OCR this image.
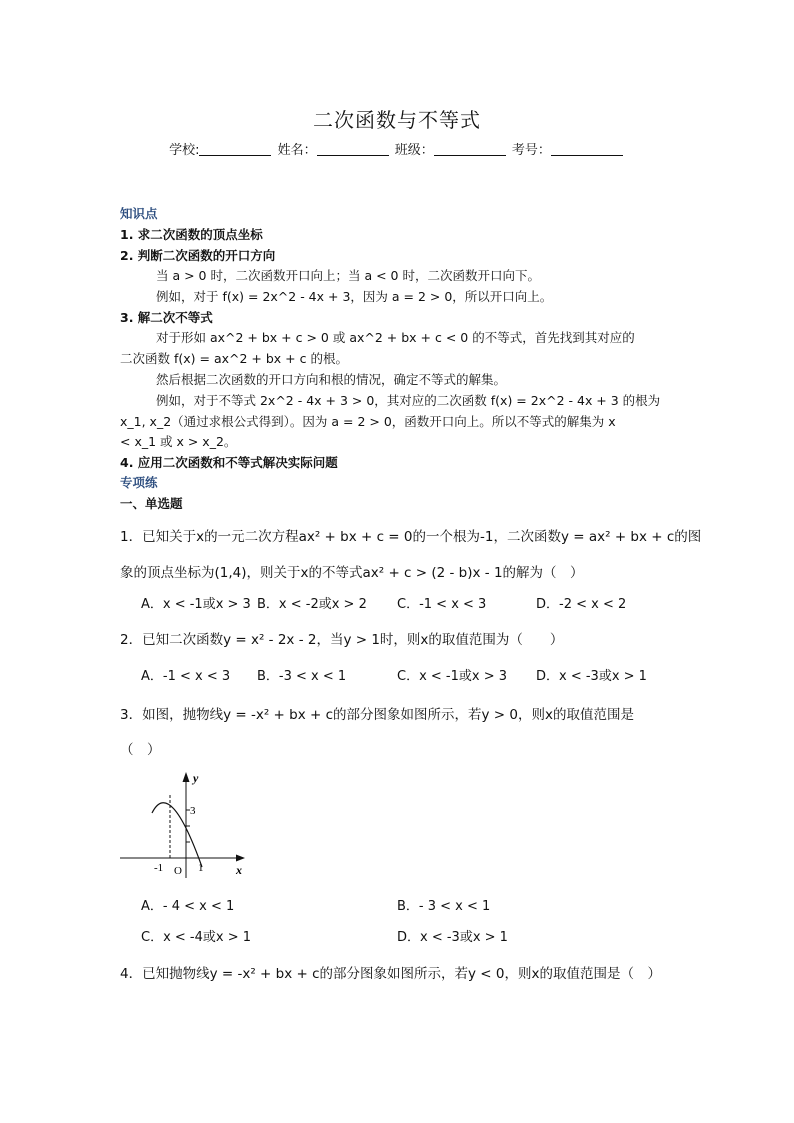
二次函数与不等式
学校:	姓名：	班级：	考号：
知识点
1. 求二次函数的顶点坐标
2. 判断二次函数的开口方向
当 a > 0 时，二次函数开口向上；当 a < 0 时，二次函数开口向下。
例如，对于 f(x) = 2x^2 - 4x + 3，因为 a = 2 > 0，所以开口向上。
3. 解二次不等式
对于形如 ax^2 + bx + c > 0 或 ax^2 + bx + c < 0 的不等式，首先找到其对应的
二次函数 f(x) = ax^2 + bx + c 的根。
然后根据二次函数的开口方向和根的情况，确定不等式的解集。
例如，对于不等式 2x^2 - 4x + 3 > 0，其对应的二次函数 f(x) = 2x^2 - 4x + 3 的根为
x_1, x_2（通过求根公式得到）。因为 a = 2 > 0，函数开口向上。所以不等式的解集为 x
< x_1 或 x > x_2。
4. 应用二次函数和不等式解决实际问题
专项练
一、单选题
1．已知关于x的一元二次方程ax² + bx + c = 0的一个根为-1，二次函数y = ax² + bx + c的图
象的顶点坐标为(1,4)，则关于x的不等式ax² + c > (2 - b)x - 1的解为（　）
A．x < -1或x > 3 B．x < -2或x > 2 C．-1 < x < 3	D．-2 < x < 2
2．已知二次函数y = x² - 2x - 2，当y > 1时，则x的取值范围为（　　）
A．-1 < x < 3 B．-3 < x < 1	C．x < -1或x > 3 D．x < -3或x > 1
3．如图，抛物线y = -x² + bx + c的部分图象如图所示，若y > 0，则x的取值范围是
（　）
y
x
3
-1 O 1
A．- 4 < x < 1	B．- 3 < x < 1
C．x < -4或x > 1	D．x < -3或x > 1
4．已知抛物线y = -x² + bx + c的部分图象如图所示，若y < 0，则x的取值范围是（　）
